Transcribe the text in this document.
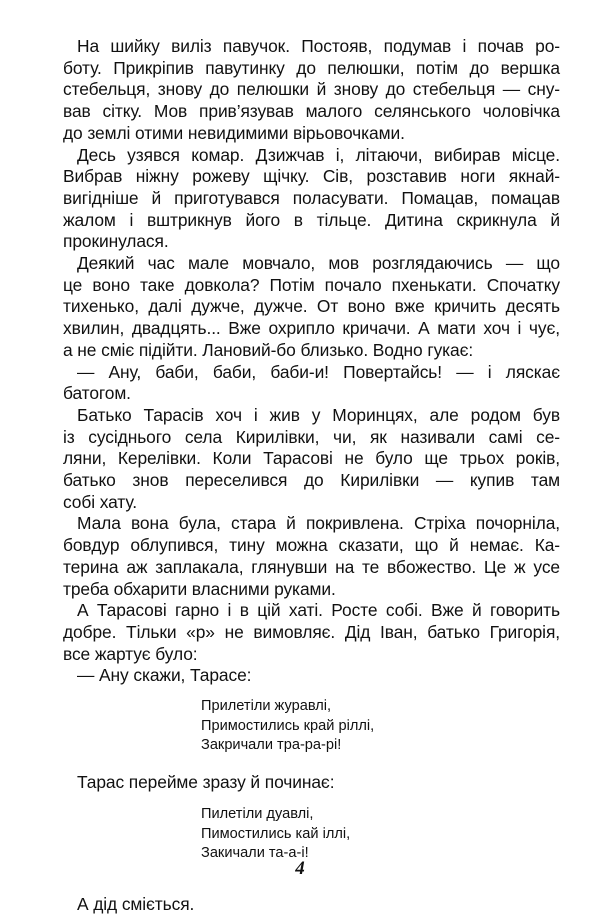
На шийку виліз павучок. Постояв, подумав і почав ро-
боту. Прикріпив павутинку до пелюшки, потім до вершка
стебельця, знову до пелюшки й знову до стебельця — сну-
вав сітку. Мов прив’язував малого селянського чоловічка
до землі отими невидимими вірьовочками.

Десь узявся комар. Дзижчав і, літаючи, вибирав місце.
Вибрав ніжну рожеву щічку. Сів, розставив ноги якнай-
вигідніше й приготувався поласувати. Помацав, помацав
жалом і вштрикнув його в тільце. Дитина скрикнула й
прокинулася.

Деякий час мале мовчало, мов розглядаючись — що
це воно таке довкола? Потім почало пхенькати. Спочатку
тихенько, далі дужче, дужче. От воно вже кричить десять
хвилин, двадцять... Вже охрипло кричачи. А мати хоч і чує,
а не сміє підійти. Лановий-бо близько. Водно гукає:

— Ану, баби, баби, баби-и! Повертайсь! — і ляскає
батогом.

Батько Тарасів хоч і жив у Моринцях, але родом був
із сусіднього села Кирилівки, чи, як називали самі се-
ляни, Керелівки. Коли Тарасові не було ще трьох років,
батько знов переселився до Кирилівки — купив там
собі хату.

Мала вона була, стара й покривлена. Стріха почорніла,
бовдур облупився, тину можна сказати, що й немає. Ка-
терина аж заплакала, глянувши на те вбожество. Це ж усе
треба обхарити власними руками.

А Тарасові гарно і в цій хаті. Росте собі. Вже й говорить
добре. Тільки «р» не вимовляє. Дід Іван, батько Григорія,
все жартує було:

— Ану скажи, Тарасе:

Прилетіли журавлі,
Примостились край ріллі,
Закричали тра-ра-рі!

Тарас перейме зразу й починає:

Пилетіли дуавлі,
Пимостились кай іллі,
Закичали та-а-і!

А дід сміється.

4
